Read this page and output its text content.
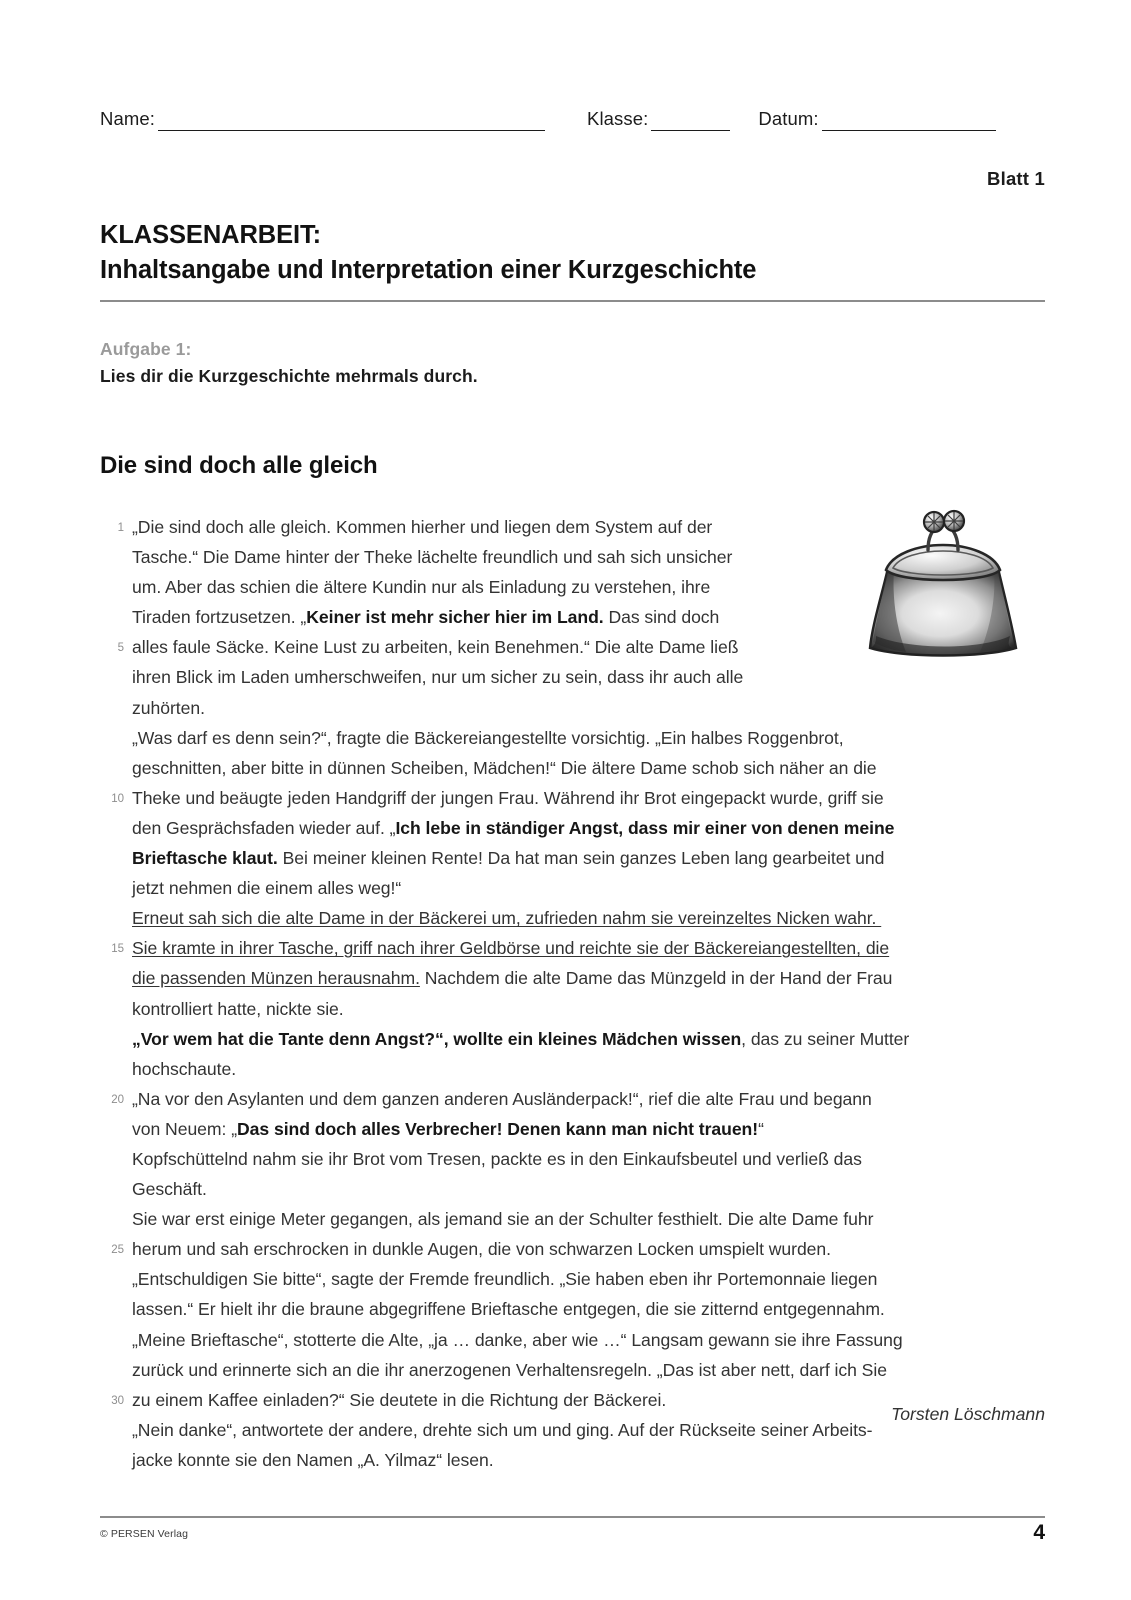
Name:	Klasse:	Datum:
Blatt 1
KLASSENARBEIT:
Inhaltsangabe und Interpretation einer Kurzgeschichte
Aufgabe 1:
Lies dir die Kurzgeschichte mehrmals durch.
Die sind doch alle gleich
1 „Die sind doch alle gleich. Kommen hierher und liegen dem System auf der
Tasche.“ Die Dame hinter der Theke lächelte freundlich und sah sich unsicher
um. Aber das schien die ältere Kundin nur als Einladung zu verstehen, ihre
Tiraden fortzusetzen. „Keiner ist mehr sicher hier im Land. Das sind doch
5 alles faule Säcke. Keine Lust zu arbeiten, kein Benehmen.“ Die alte Dame ließ
ihren Blick im Laden umherschweifen, nur um sicher zu sein, dass ihr auch alle
zuhörten.
„Was darf es denn sein?“, fragte die Bäckereiangestellte vorsichtig. „Ein halbes Roggenbrot,
geschnitten, aber bitte in dünnen Scheiben, Mädchen!“ Die ältere Dame schob sich näher an die
10 Theke und beäugte jeden Handgriff der jungen Frau. Während ihr Brot eingepackt wurde, griff sie
den Gesprächsfaden wieder auf. „Ich lebe in ständiger Angst, dass mir einer von denen meine
Brieftasche klaut. Bei meiner kleinen Rente! Da hat man sein ganzes Leben lang gearbeitet und
jetzt nehmen die einem alles weg!“
Erneut sah sich die alte Dame in der Bäckerei um, zufrieden nahm sie vereinzeltes Nicken wahr.
15 Sie kramte in ihrer Tasche, griff nach ihrer Geldbörse und reichte sie der Bäckereiangestellten, die
die passenden Münzen herausnahm. Nachdem die alte Dame das Münzgeld in der Hand der Frau
kontrolliert hatte, nickte sie.
„Vor wem hat die Tante denn Angst?“, wollte ein kleines Mädchen wissen, das zu seiner Mutter
hochschaute.
20 „Na vor den Asylanten und dem ganzen anderen Ausländerpack!“, rief die alte Frau und begann
von Neuem: „Das sind doch alles Verbrecher! Denen kann man nicht trauen!“
Kopfschüttelnd nahm sie ihr Brot vom Tresen, packte es in den Einkaufsbeutel und verließ das
Geschäft.
Sie war erst einige Meter gegangen, als jemand sie an der Schulter festhielt. Die alte Dame fuhr
25 herum und sah erschrocken in dunkle Augen, die von schwarzen Locken umspielt wurden.
„Entschuldigen Sie bitte“, sagte der Fremde freundlich. „Sie haben eben ihr Portemonnaie liegen
lassen.“ Er hielt ihr die braune abgegriffene Brieftasche entgegen, die sie zitternd entgegennahm.
„Meine Brieftasche“, stotterte die Alte, „ja … danke, aber wie …“ Langsam gewann sie ihre Fassung
zurück und erinnerte sich an die ihr anerzogenen Verhaltensregeln. „Das ist aber nett, darf ich Sie
30 zu einem Kaffee einladen?“ Sie deutete in die Richtung der Bäckerei.
„Nein danke“, antwortete der andere, drehte sich um und ging. Auf der Rückseite seiner Arbeits-
jacke konnte sie den Namen „A. Yilmaz“ lesen.
Torsten Löschmann
© PERSEN Verlag	4
